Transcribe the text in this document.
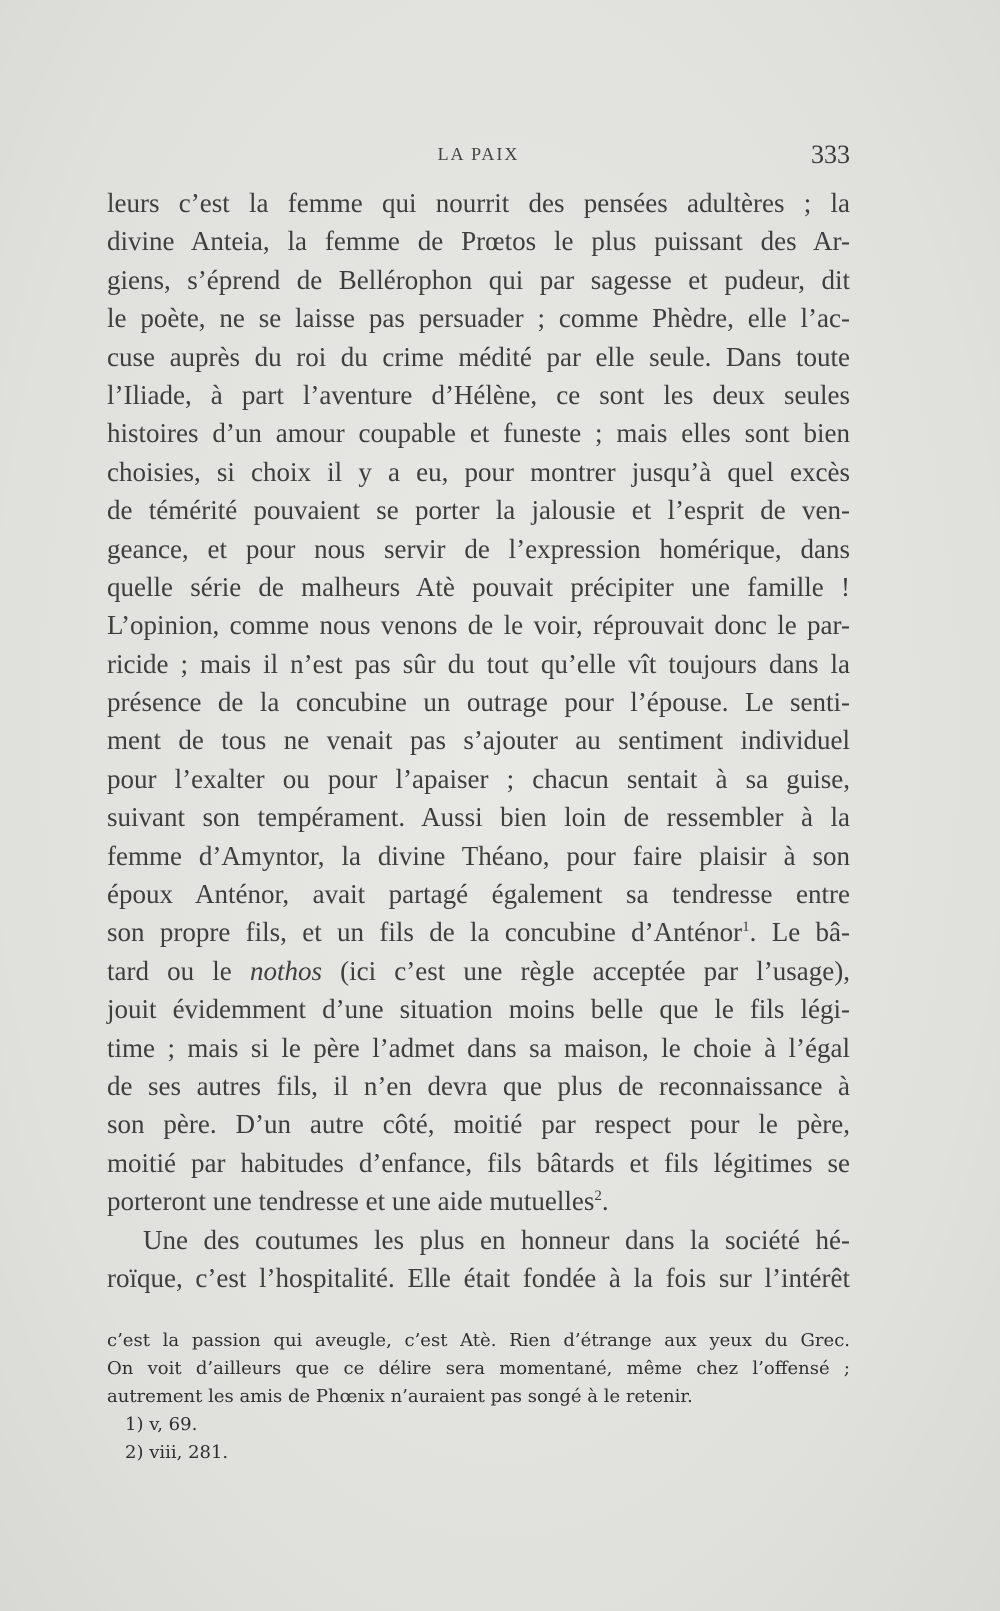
LA PAIX	333
leurs c’est la femme qui nourrit des pensées adultères ; la
divine Anteia, la femme de Prœtos le plus puissant des Ar-
giens, s’éprend de Bellérophon qui par sagesse et pudeur, dit
le poète, ne se laisse pas persuader ; comme Phèdre, elle l’ac-
cuse auprès du roi du crime médité par elle seule. Dans toute
l’Iliade, à part l’aventure d’Hélène, ce sont les deux seules
histoires d’un amour coupable et funeste ; mais elles sont bien
choisies, si choix il y a eu, pour montrer jusqu’à quel excès
de témérité pouvaient se porter la jalousie et l’esprit de ven-
geance, et pour nous servir de l’expression homérique, dans
quelle série de malheurs Atè pouvait précipiter une famille !
L’opinion, comme nous venons de le voir, réprouvait donc le par-
ricide ; mais il n’est pas sûr du tout qu’elle vît toujours dans la
présence de la concubine un outrage pour l’épouse. Le senti-
ment de tous ne venait pas s’ajouter au sentiment individuel
pour l’exalter ou pour l’apaiser ; chacun sentait à sa guise,
suivant son tempérament. Aussi bien loin de ressembler à la
femme d’Amyntor, la divine Théano, pour faire plaisir à son
époux Anténor, avait partagé également sa tendresse entre
son propre fils, et un fils de la concubine d’Anténor$^1$. Le bâ-
tard ou le nothos (ici c’est une règle acceptée par l’usage),
jouit évidemment d’une situation moins belle que le fils légi-
time ; mais si le père l’admet dans sa maison, le choie à l’égal
de ses autres fils, il n’en devra que plus de reconnaissance à
son père. D’un autre côté, moitié par respect pour le père,
moitié par habitudes d’enfance, fils bâtards et fils légitimes se
porteront une tendresse et une aide mutuelles$^2$.
Une des coutumes les plus en honneur dans la société hé-
roïque, c’est l’hospitalité. Elle était fondée à la fois sur l’intérêt
c’est la passion qui aveugle, c’est Atè. Rien d’étrange aux yeux du Grec.
On voit d’ailleurs que ce délire sera momentané, même chez l’offensé ;
autrement les amis de Phœnix n’auraient pas songé à le retenir.
1) v, 69.
2) viii, 281.
